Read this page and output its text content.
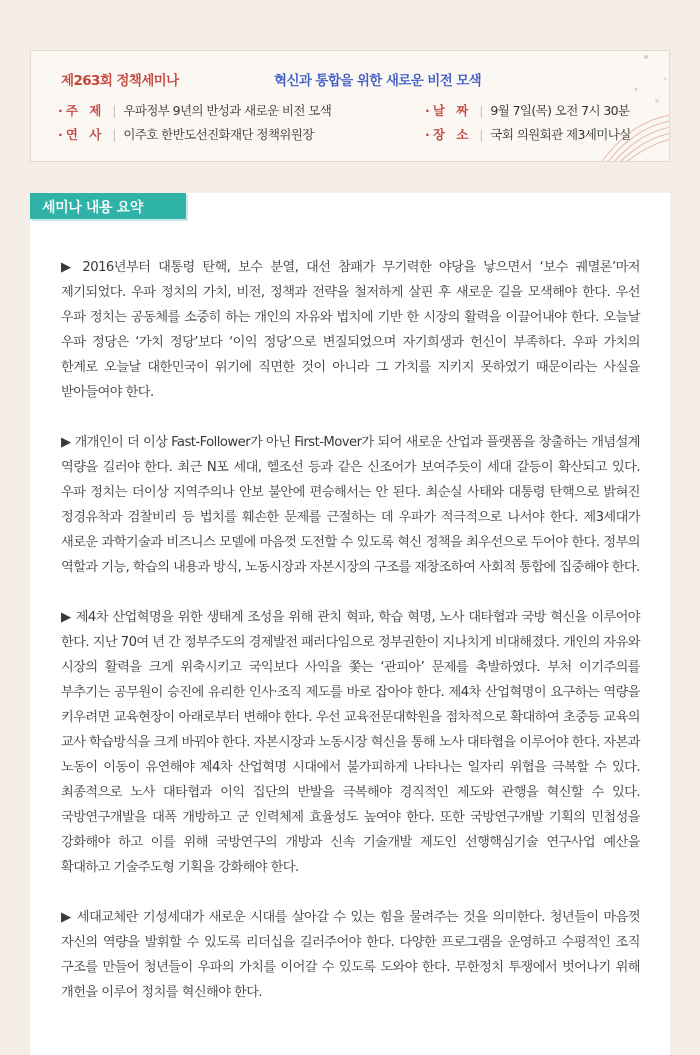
제263회 정책세미나	혁신과 통합을 위한 새로운 비전 모색
· 주　제 | 우파정부 9년의 반성과 새로운 비전 모색	· 날　짜 | 9월 7일(목) 오전 7시 30분
· 연　사 | 이주호 한반도선진화재단 정책위원장	· 장　소 | 국회 의원회관 제3세미나실
세미나 내용 요약

▶ 2016년부터 대통령 탄핵, 보수 분열, 대선 참패가 무기력한 야당을 낳으면서 ‘보수 궤멸론’마저 제기되었다. 우파 정치의 가치, 비전, 정책과 전략을 철저하게 살핀 후 새로운 길을 모색해야 한다. 우선 우파 정치는 공동체를 소중히 하는 개인의 자유와 법치에 기반 한 시장의 활력을 이끌어내야 한다. 오늘날 우파 정당은 ‘가치 정당’보다 ‘이익 정당’으로 변질되었으며 자기희생과 헌신이 부족하다. 우파 가치의 한계로 오늘날 대한민국이 위기에 직면한 것이 아니라 그 가치를 지키지 못하였기 때문이라는 사실을 받아들여야 한다.

▶ 개개인이 더 이상 Fast-Follower가 아닌 First-Mover가 되어 새로운 산업과 플랫폼을 창출하는 개념설계 역량을 길러야 한다. 최근 N포 세대, 헬조선 등과 같은 신조어가 보여주듯이 세대 갈등이 확산되고 있다. 우파 정치는 더이상 지역주의나 안보 불안에 편승해서는 안 된다. 최순실 사태와 대통령 탄핵으로 밝혀진 정경유착과 검찰비리 등 법치를 훼손한 문제를 근절하는 데 우파가 적극적으로 나서야 한다. 제3세대가 새로운 과학기술과 비즈니스 모델에 마음껏 도전할 수 있도록 혁신 정책을 최우선으로 두어야 한다. 정부의 역할과 기능, 학습의 내용과 방식, 노동시장과 자본시장의 구조를 재창조하여 사회적 통합에 집중해야 한다.

▶ 제4차 산업혁명을 위한 생태계 조성을 위해 관치 혁파, 학습 혁명, 노사 대타협과 국방 혁신을 이루어야 한다. 지난 70여 년 간 정부주도의 경제발전 패러다임으로 정부권한이 지나치게 비대해졌다. 개인의 자유와 시장의 활력을 크게 위축시키고 국익보다 사익을 쫓는 ‘관피아’ 문제를 촉발하였다. 부처 이기주의를 부추기는 공무원이 승진에 유리한 인사·조직 제도를 바로 잡아야 한다. 제4차 산업혁명이 요구하는 역량을 키우려면 교육현장이 아래로부터 변해야 한다. 우선 교육전문대학원을 점차적으로 확대하여 초중등 교육의 교사 학습방식을 크게 바꿔야 한다. 자본시장과 노동시장 혁신을 통해 노사 대타협을 이루어야 한다. 자본과 노동이 이동이 유연해야 제4차 산업혁명 시대에서 불가피하게 나타나는 일자리 위협을 극복할 수 있다. 최종적으로 노사 대타협과 이익 집단의 반발을 극복해야 경직적인 제도와 관행을 혁신할 수 있다. 국방연구개발을 대폭 개방하고 군 인력체제 효율성도 높여야 한다. 또한 국방연구개발 기획의 민첩성을 강화해야 하고 이를 위해 국방연구의 개방과 신속 기술개발 제도인 선행핵심기술 연구사업 예산을 확대하고 기술주도형 기획을 강화해야 한다.

▶ 세대교체란 기성세대가 새로운 시대를 살아갈 수 있는 힘을 물려주는 것을 의미한다. 청년들이 마음껏 자신의 역량을 발휘할 수 있도록 리더십을 길러주어야 한다. 다양한 프로그램을 운영하고 수평적인 조직 구조를 만들어 청년들이 우파의 가치를 이어갈 수 있도록 도와야 한다. 무한정치 투쟁에서 벗어나기 위해 개헌을 이루어 정치를 혁신해야 한다.
